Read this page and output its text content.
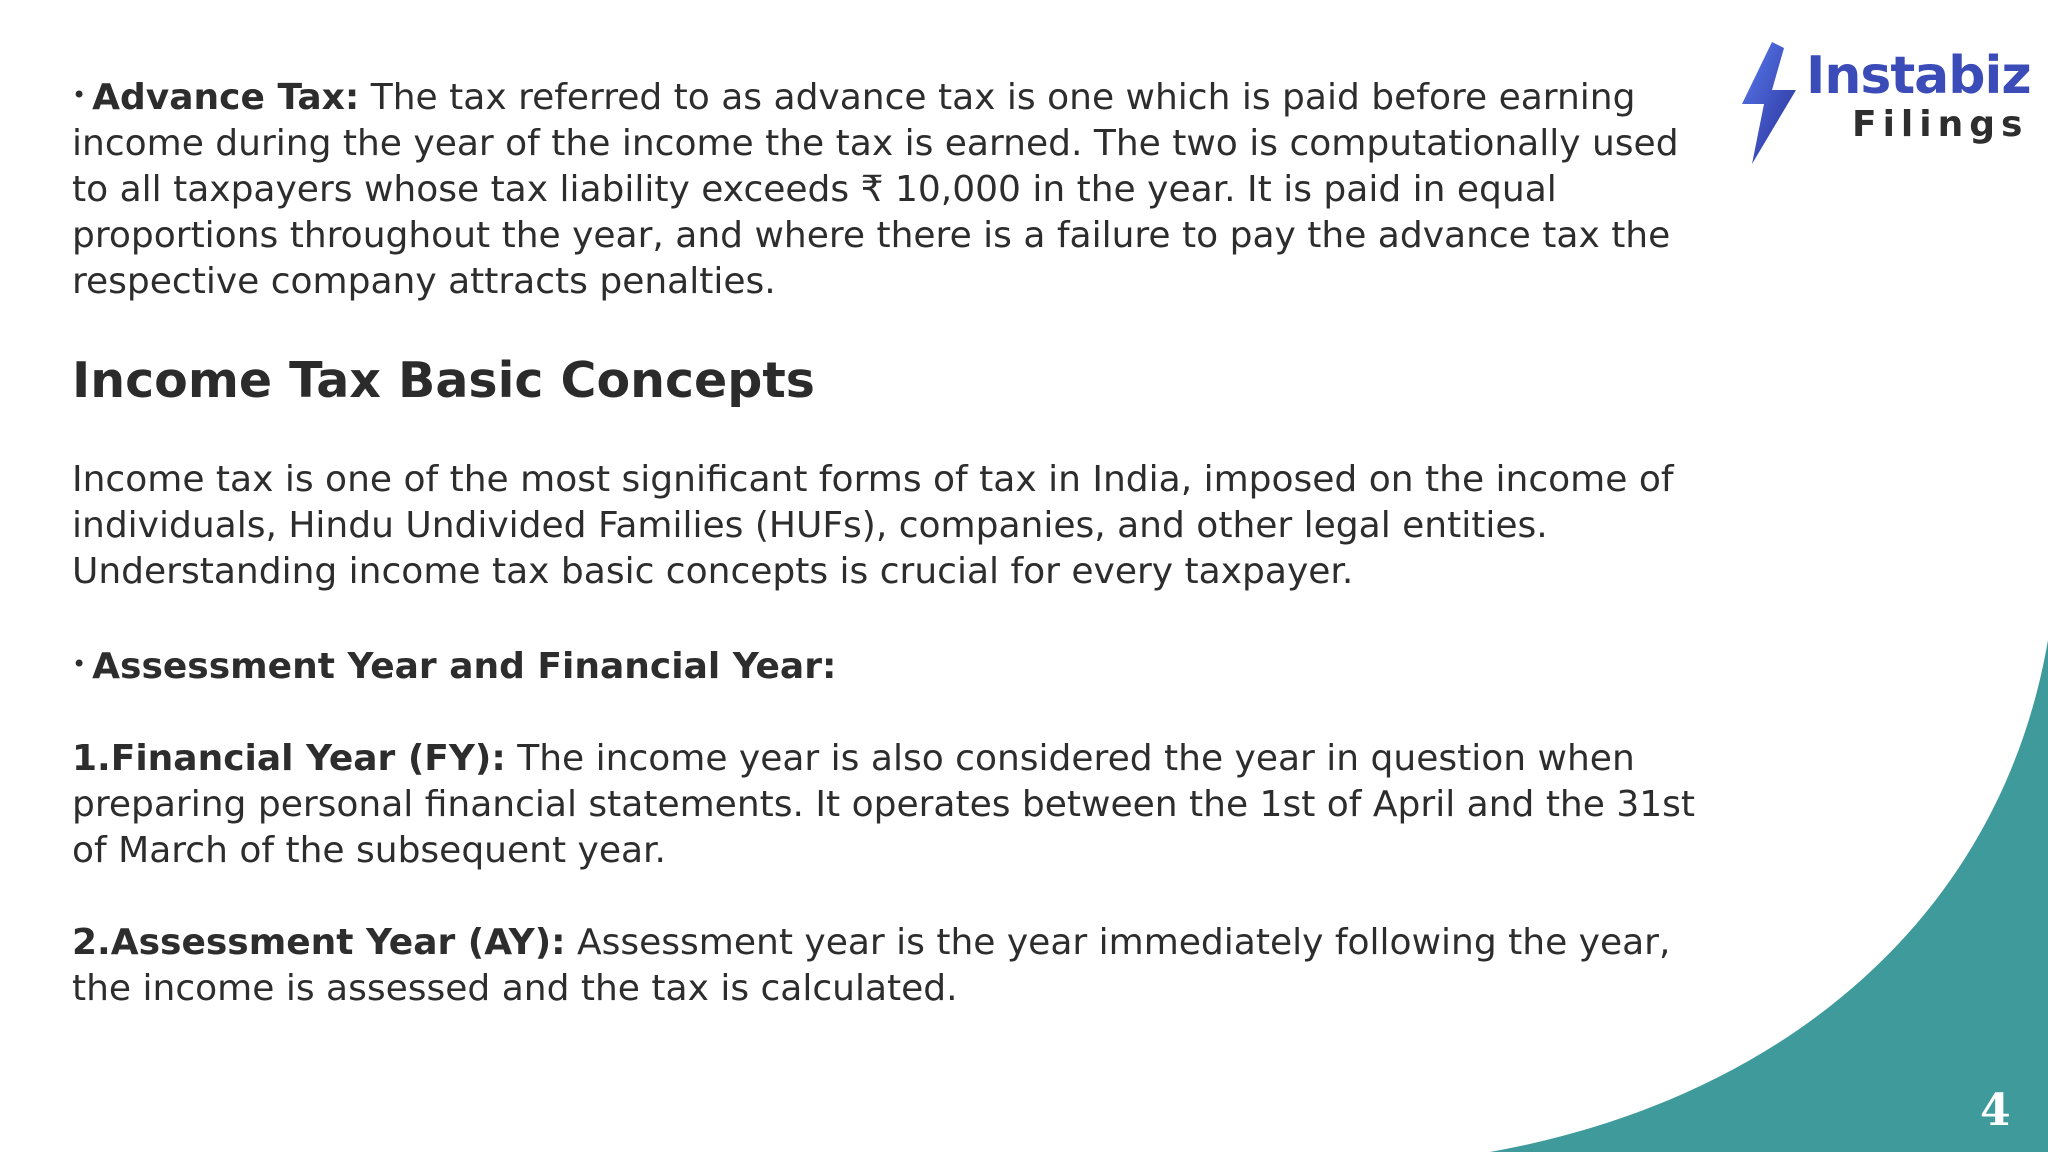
Instabiz
Filings

• Advance Tax: The tax referred to as advance tax is one which is paid before earning income during the year of the income the tax is earned. The two is computationally used to all taxpayers whose tax liability exceeds ₹ 10,000 in the year. It is paid in equal proportions throughout the year, and where there is a failure to pay the advance tax the respective company attracts penalties.

Income Tax Basic Concepts

Income tax is one of the most significant forms of tax in India, imposed on the income of individuals, Hindu Undivided Families (HUFs), companies, and other legal entities. Understanding income tax basic concepts is crucial for every taxpayer.

• Assessment Year and Financial Year:

1.Financial Year (FY): The income year is also considered the year in question when preparing personal financial statements. It operates between the 1st of April and the 31st of March of the subsequent year.

2.Assessment Year (AY): Assessment year is the year immediately following the year, the income is assessed and the tax is calculated.

4
